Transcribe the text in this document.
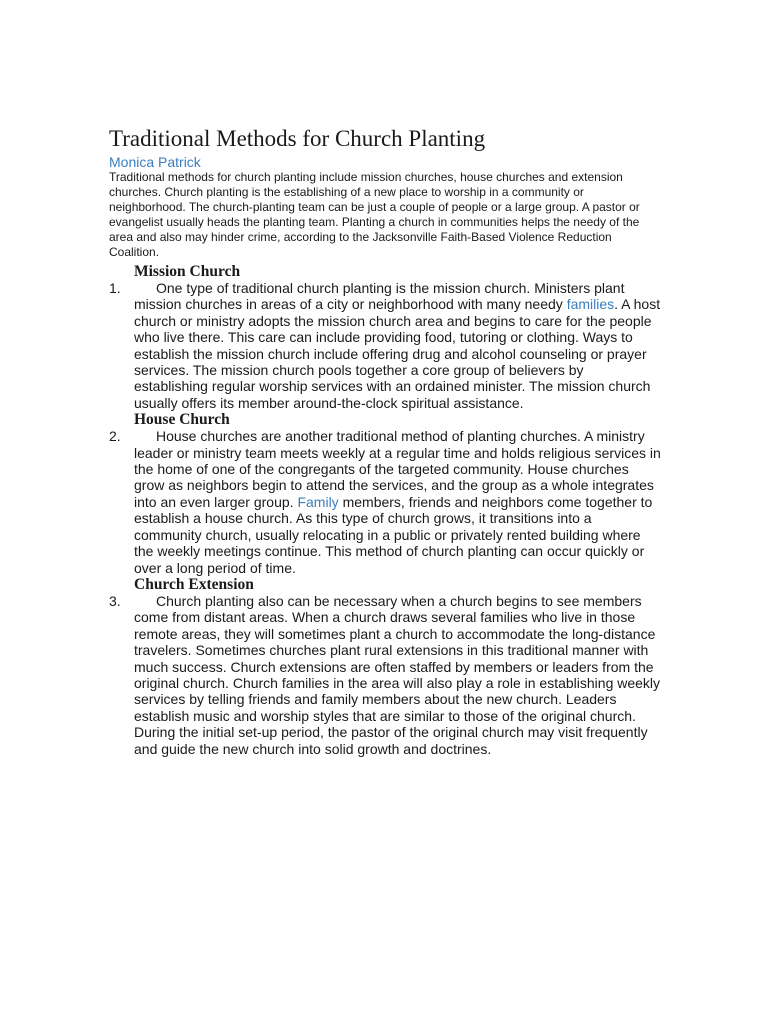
Traditional Methods for Church Planting

Monica Patrick

Traditional methods for church planting include mission churches, house churches and extension churches. Church planting is the establishing of a new place to worship in a community or neighborhood. The church-planting team can be just a couple of people or a large group. A pastor or evangelist usually heads the planting team. Planting a church in communities helps the needy of the area and also may hinder crime, according to the Jacksonville Faith-Based Violence Reduction Coalition.

Mission Church
1.	One type of traditional church planting is the mission church. Ministers plant mission churches in areas of a city or neighborhood with many needy families. A host church or ministry adopts the mission church area and begins to care for the people who live there. This care can include providing food, tutoring or clothing. Ways to establish the mission church include offering drug and alcohol counseling or prayer services. The mission church pools together a core group of believers by establishing regular worship services with an ordained minister. The mission church usually offers its member around-the-clock spiritual assistance.

House Church
2.	House churches are another traditional method of planting churches. A ministry leader or ministry team meets weekly at a regular time and holds religious services in the home of one of the congregants of the targeted community. House churches grow as neighbors begin to attend the services, and the group as a whole integrates into an even larger group. Family members, friends and neighbors come together to establish a house church. As this type of church grows, it transitions into a community church, usually relocating in a public or privately rented building where the weekly meetings continue. This method of church planting can occur quickly or over a long period of time.

Church Extension
3.	Church planting also can be necessary when a church begins to see members come from distant areas. When a church draws several families who live in those remote areas, they will sometimes plant a church to accommodate the long-distance travelers. Sometimes churches plant rural extensions in this traditional manner with much success. Church extensions are often staffed by members or leaders from the original church. Church families in the area will also play a role in establishing weekly services by telling friends and family members about the new church. Leaders establish music and worship styles that are similar to those of the original church. During the initial set-up period, the pastor of the original church may visit frequently and guide the new church into solid growth and doctrines.
